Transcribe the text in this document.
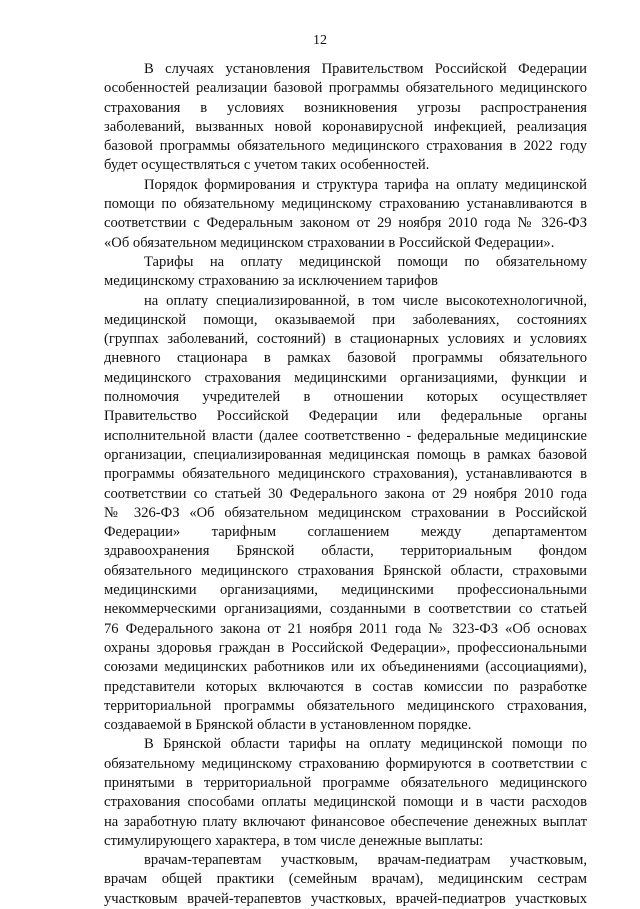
12

В случаях установления Правительством Российской Федерации
особенностей реализации базовой программы обязательного медицинского
страхования в условиях возникновения угрозы распространения
заболеваний, вызванных новой коронавирусной инфекцией, реализация
базовой программы обязательного медицинского страхования в 2022 году
будет осуществляться с учетом таких особенностей.

Порядок формирования и структура тарифа на оплату медицинской
помощи по обязательному медицинскому страхованию устанавливаются в
соответствии с Федеральным законом от 29 ноября 2010 года № 326-ФЗ
«Об обязательном медицинском страховании в Российской Федерации».

Тарифы на оплату медицинской помощи по обязательному
медицинскому страхованию за исключением тарифов

на оплату специализированной, в том числе высокотехнологичной,
медицинской помощи, оказываемой при заболеваниях, состояниях
(группах заболеваний, состояний) в стационарных условиях и условиях
дневного стационара в рамках базовой программы обязательного
медицинского страхования медицинскими организациями, функции и
полномочия учредителей в отношении которых осуществляет
Правительство Российской Федерации или федеральные органы
исполнительной власти (далее соответственно - федеральные медицинские
организации, специализированная медицинская помощь в рамках базовой
программы обязательного медицинского страхования), устанавливаются в
соответствии со статьей 30 Федерального закона от 29 ноября 2010 года
№ 326-ФЗ «Об обязательном медицинском страховании в Российской
Федерации» тарифным соглашением между департаментом
здравоохранения Брянской области, территориальным фондом
обязательного медицинского страхования Брянской области, страховыми
медицинскими организациями, медицинскими профессиональными
некоммерческими организациями, созданными в соответствии со статьей
76 Федерального закона от 21 ноября 2011 года № 323-ФЗ «Об основах
охраны здоровья граждан в Российской Федерации», профессиональными
союзами медицинских работников или их объединениями (ассоциациями),
представители которых включаются в состав комиссии по разработке
территориальной программы обязательного медицинского страхования,
создаваемой в Брянской области в установленном порядке.

В Брянской области тарифы на оплату медицинской помощи по
обязательному медицинскому страхованию формируются в соответствии с
принятыми в территориальной программе обязательного медицинского
страхования способами оплаты медицинской помощи и в части расходов
на заработную плату включают финансовое обеспечение денежных выплат
стимулирующего характера, в том числе денежные выплаты:

врачам-терапевтам участковым, врачам-педиатрам участковым,
врачам общей практики (семейным врачам), медицинским сестрам
участковым врачей-терапевтов участковых, врачей-педиатров участковых
